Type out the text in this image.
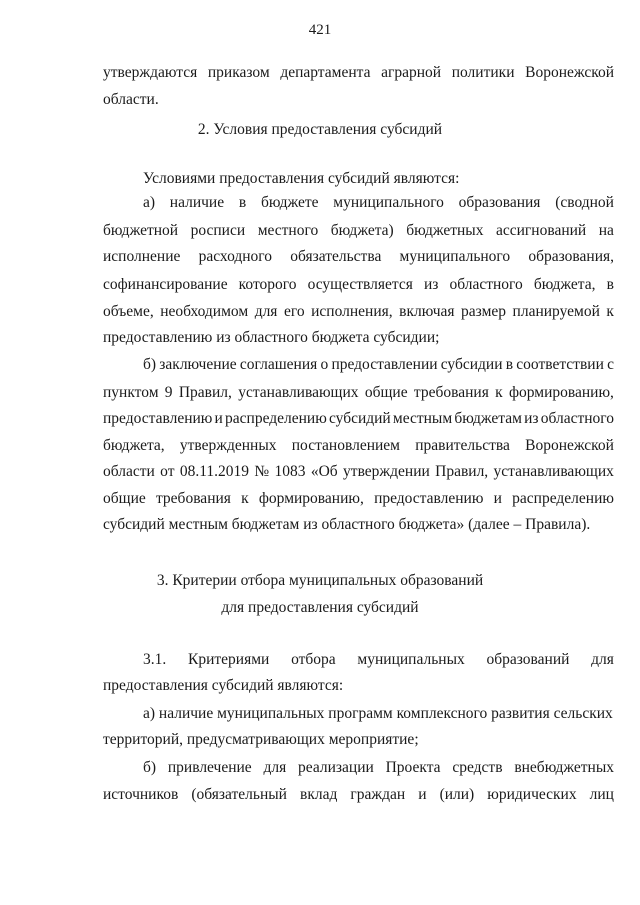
421
утверждаются приказом департамента аграрной политики Воронежской
области.
2. Условия предоставления субсидий
Условиями предоставления субсидий являются:
а) наличие в бюджете муниципального образования (сводной
бюджетной росписи местного бюджета) бюджетных ассигнований на
исполнение расходного обязательства муниципального образования,
софинансирование которого осуществляется из областного бюджета, в
объеме, необходимом для его исполнения, включая размер планируемой к
предоставлению из областного бюджета субсидии;
б) заключение соглашения о предоставлении субсидии в соответствии с
пунктом 9 Правил, устанавливающих общие требования к формированию,
предоставлению и распределению субсидий местным бюджетам из областного
бюджета, утвержденных постановлением правительства Воронежской
области от 08.11.2019 № 1083 «Об утверждении Правил, устанавливающих
общие требования к формированию, предоставлению и распределению
субсидий местным бюджетам из областного бюджета» (далее – Правила).
3. Критерии отбора муниципальных образований
для предоставления субсидий
3.1. Критериями отбора муниципальных образований для
предоставления субсидий являются:
а) наличие муниципальных программ комплексного развития сельских
территорий, предусматривающих мероприятие;
б) привлечение для реализации Проекта средств внебюджетных
источников (обязательный вклад граждан и (или) юридических лиц
